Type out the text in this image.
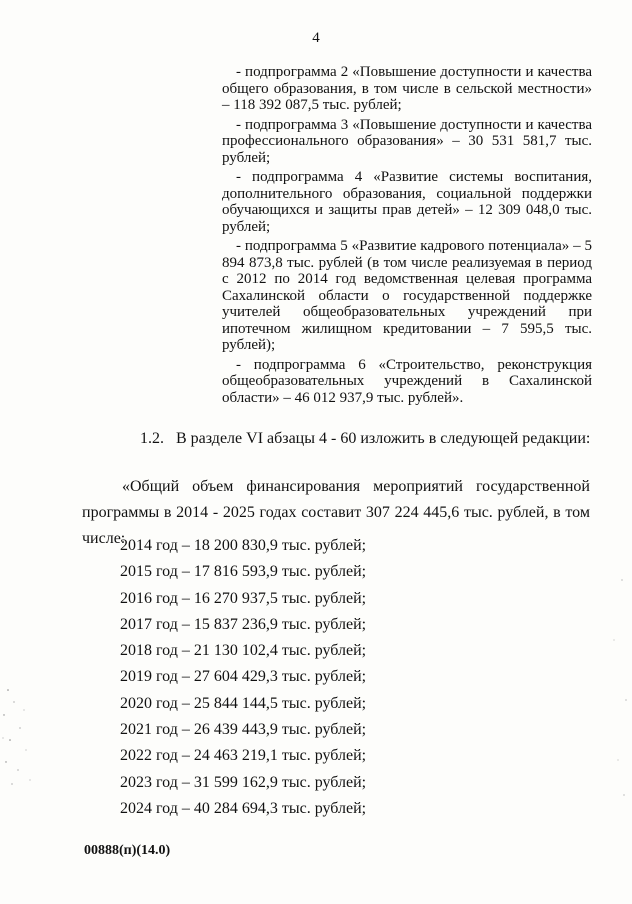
4

- подпрограмма 2 «Повышение доступности и качества общего образования, в том числе в сельской местности» – 118 392 087,5 тыс. рублей;

- подпрограмма 3 «Повышение доступности и качества профессионального образования» – 30 531 581,7 тыс. рублей;

- подпрограмма 4 «Развитие системы воспитания, дополнительного образования, социальной поддержки обучающихся и защиты прав детей» – 12 309 048,0 тыс. рублей;

- подпрограмма 5 «Развитие кадрового потенциала» – 5 894 873,8 тыс. рублей (в том числе реализуемая в период с 2012 по 2014 год ведомственная целевая программа Сахалинской области о государственной поддержке учителей общеобразовательных учреждений при ипотечном жилищном кредитовании – 7 595,5 тыс. рублей);

- подпрограмма 6 «Строительство, реконструкция общеобразовательных учреждений в Сахалинской области» – 46 012 937,9 тыс. рублей».

1.2. В разделе VI абзацы 4 - 60 изложить в следующей редакции:

«Общий объем финансирования мероприятий государственной программы в 2014 - 2025 годах составит 307 224 445,6 тыс. рублей, в том числе:

2014 год – 18 200 830,9 тыс. рублей;
2015 год – 17 816 593,9 тыс. рублей;
2016 год – 16 270 937,5 тыс. рублей;
2017 год – 15 837 236,9 тыс. рублей;
2018 год – 21 130 102,4 тыс. рублей;
2019 год – 27 604 429,3 тыс. рублей;
2020 год – 25 844 144,5 тыс. рублей;
2021 год – 26 439 443,9 тыс. рублей;
2022 год – 24 463 219,1 тыс. рублей;
2023 год – 31 599 162,9 тыс. рублей;
2024 год – 40 284 694,3 тыс. рублей;
00888(п)(14.0)
